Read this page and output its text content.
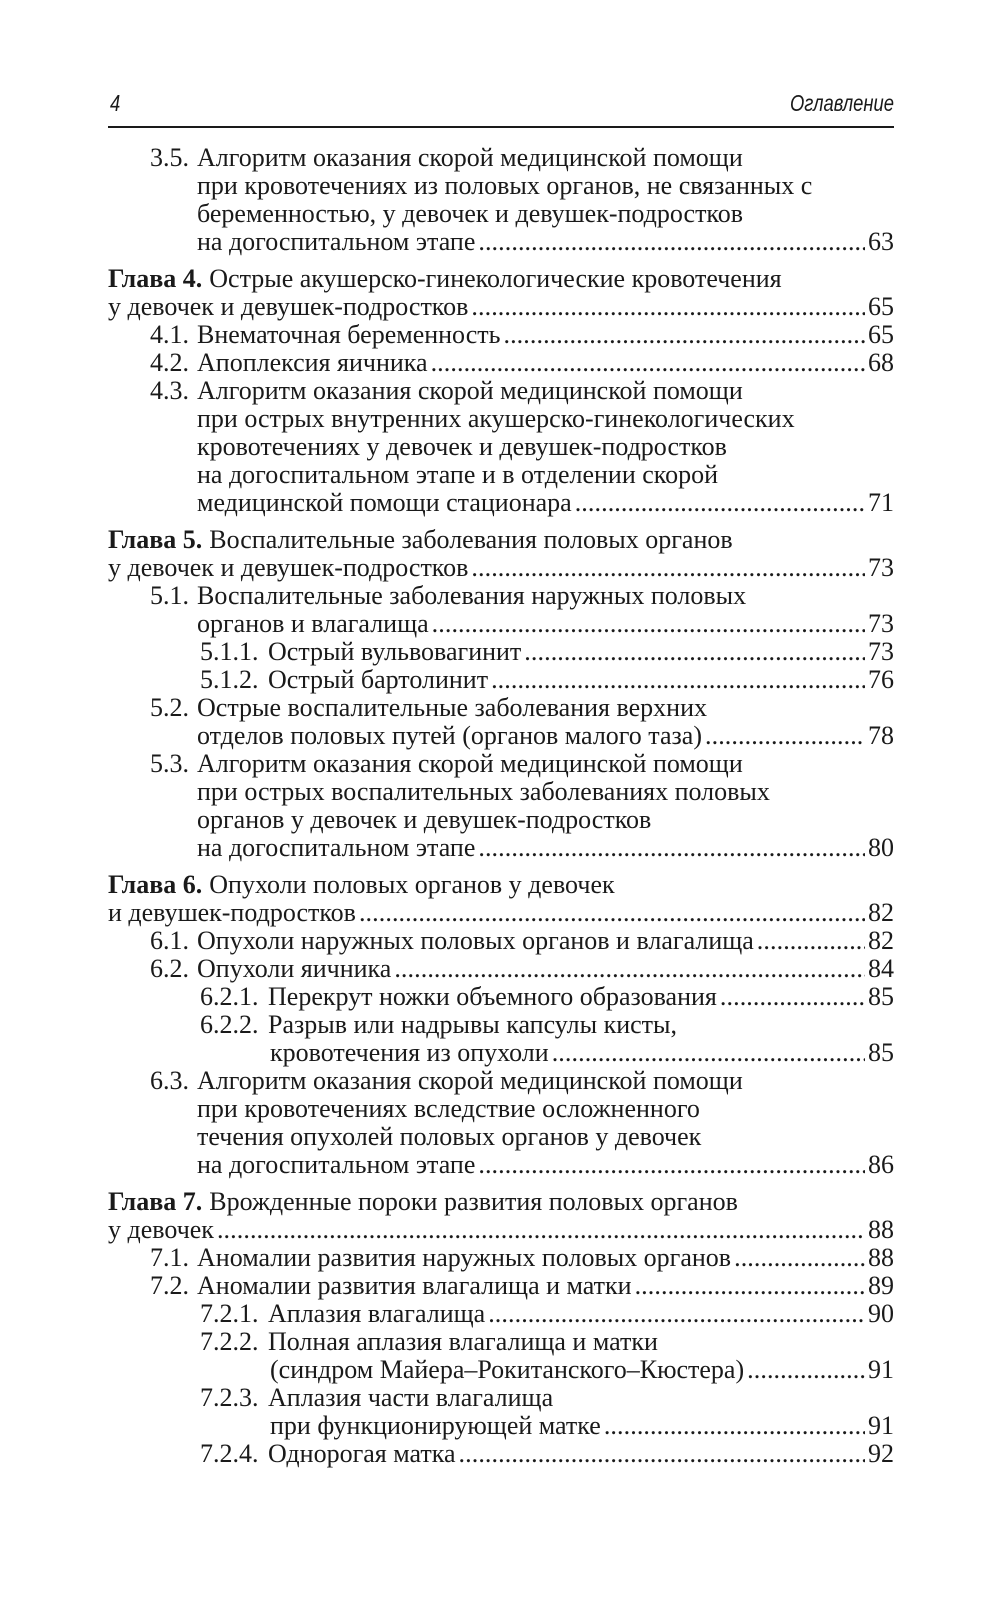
4	Оглавление
3.5. Алгоритм оказания скорой медицинской помощи
при кровотечениях из половых органов, не связанных с
беременностью, у девочек и девушек-подростков
на догоспитальном этапе . . .	63
Глава 4. Острые акушерско-гинекологические кровотечения
у девочек и девушек-подростков . . .	65
4.1. Внематочная беременность . . .	65
4.2. Апоплексия яичника . . .	68
4.3. Алгоритм оказания скорой медицинской помощи
при острых внутренних акушерско-гинекологических
кровотечениях у девочек и девушек-подростков
на догоспитальном этапе и в отделении скорой
медицинской помощи стационара . . .	71
Глава 5. Воспалительные заболевания половых органов
у девочек и девушек-подростков . . .	73
5.1. Воспалительные заболевания наружных половых
органов и влагалища . . .	73
5.1.1. Острый вульвовагинит . . .	73
5.1.2. Острый бартолинит . . .	76
5.2. Острые воспалительные заболевания верхних
отделов половых путей (органов малого таза) . . .	78
5.3. Алгоритм оказания скорой медицинской помощи
при острых воспалительных заболеваниях половых
органов у девочек и девушек-подростков
на догоспитальном этапе . . .	80
Глава 6. Опухоли половых органов у девочек
и девушек-подростков . . .	82
6.1. Опухоли наружных половых органов и влагалища . . .	82
6.2. Опухоли яичника . . .	84
6.2.1. Перекрут ножки объемного образования . . .	85
6.2.2. Разрыв или надрывы капсулы кисты,
кровотечения из опухоли . . .	85
6.3. Алгоритм оказания скорой медицинской помощи
при кровотечениях вследствие осложненного
течения опухолей половых органов у девочек
на догоспитальном этапе . . .	86
Глава 7. Врожденные пороки развития половых органов
у девочек . . .	88
7.1. Аномалии развития наружных половых органов . . .	88
7.2. Аномалии развития влагалища и матки . . .	89
7.2.1. Аплазия влагалища . . .	90
7.2.2. Полная аплазия влагалища и матки
(синдром Майера–Рокитанского–Кюстера) . . .	91
7.2.3. Аплазия части влагалища
при функционирующей матке . . .	91
7.2.4. Однорогая матка . . .	92
